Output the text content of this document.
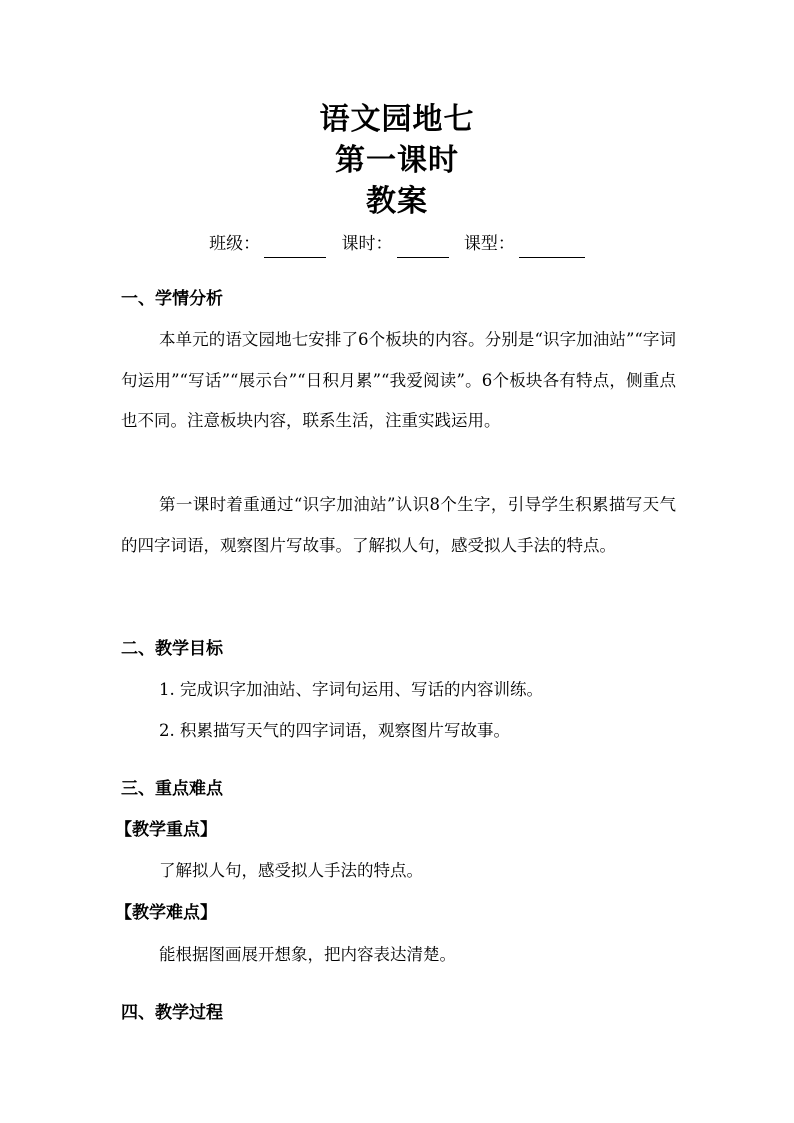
语文园地七
第一课时
教案
班级：	课时：	课型：
一、学情分析
本单元的语文园地七安排了6个板块的内容。分别是“识字加油站”“字词句运用”“写话”“展示台”“日积月累”“我爱阅读”。6个板块各有特点，侧重点也不同。注意板块内容，联系生活，注重实践运用。
第一课时着重通过“识字加油站”认识8个生字，引导学生积累描写天气的四字词语，观察图片写故事。了解拟人句，感受拟人手法的特点。
二、教学目标
1. 完成识字加油站、字词句运用、写话的内容训练。
2. 积累描写天气的四字词语，观察图片写故事。
三、重点难点
【教学重点】
了解拟人句，感受拟人手法的特点。
【教学难点】
能根据图画展开想象，把内容表达清楚。
四、教学过程
